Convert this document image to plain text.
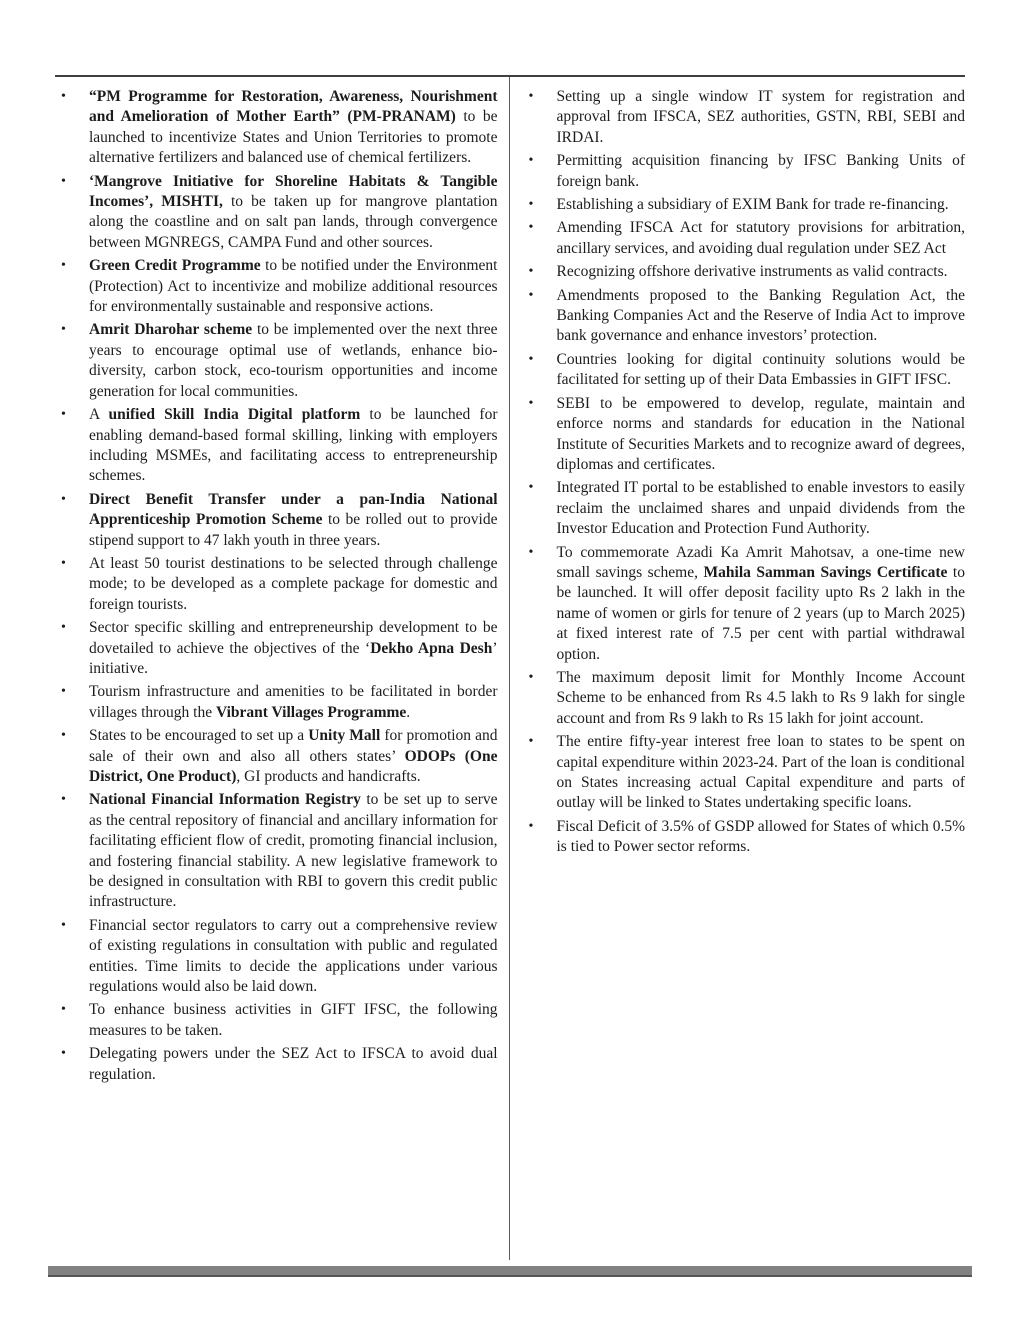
• “PM Programme for Restoration, Awareness, Nourishment and Amelioration of Mother Earth” (PM-PRANAM) to be launched to incentivize States and Union Territories to promote alternative fertilizers and balanced use of chemical fertilizers.
• ‘Mangrove Initiative for Shoreline Habitats & Tangible Incomes’, MISHTI, to be taken up for mangrove plantation along the coastline and on salt pan lands, through convergence between MGNREGS, CAMPA Fund and other sources.
• Green Credit Programme to be notified under the Environment (Protection) Act to incentivize and mobilize additional resources for environmentally sustainable and responsive actions.
• Amrit Dharohar scheme to be implemented over the next three years to encourage optimal use of wetlands, enhance bio-diversity, carbon stock, eco-tourism opportunities and income generation for local communities.
• A unified Skill India Digital platform to be launched for enabling demand-based formal skilling, linking with employers including MSMEs, and facilitating access to entrepreneurship schemes.
• Direct Benefit Transfer under a pan-India National Apprenticeship Promotion Scheme to be rolled out to provide stipend support to 47 lakh youth in three years.
• At least 50 tourist destinations to be selected through challenge mode; to be developed as a complete package for domestic and foreign tourists.
• Sector specific skilling and entrepreneurship development to be dovetailed to achieve the objectives of the ‘Dekho Apna Desh’ initiative.
• Tourism infrastructure and amenities to be facilitated in border villages through the Vibrant Villages Programme.
• States to be encouraged to set up a Unity Mall for promotion and sale of their own and also all others states’ ODOPs (One District, One Product), GI products and handicrafts.
• National Financial Information Registry to be set up to serve as the central repository of financial and ancillary information for facilitating efficient flow of credit, promoting financial inclusion, and fostering financial stability. A new legislative framework to be designed in consultation with RBI to govern this credit public infrastructure.
• Financial sector regulators to carry out a comprehensive review of existing regulations in consultation with public and regulated entities. Time limits to decide the applications under various regulations would also be laid down.
• To enhance business activities in GIFT IFSC, the following measures to be taken.
• Delegating powers under the SEZ Act to IFSCA to avoid dual regulation.
• Setting up a single window IT system for registration and approval from IFSCA, SEZ authorities, GSTN, RBI, SEBI and IRDAI.
• Permitting acquisition financing by IFSC Banking Units of foreign bank.
• Establishing a subsidiary of EXIM Bank for trade re-financing.
• Amending IFSCA Act for statutory provisions for arbitration, ancillary services, and avoiding dual regulation under SEZ Act
• Recognizing offshore derivative instruments as valid contracts.
• Amendments proposed to the Banking Regulation Act, the Banking Companies Act and the Reserve of India Act to improve bank governance and enhance investors’ protection.
• Countries looking for digital continuity solutions would be facilitated for setting up of their Data Embassies in GIFT IFSC.
• SEBI to be empowered to develop, regulate, maintain and enforce norms and standards for education in the National Institute of Securities Markets and to recognize award of degrees, diplomas and certificates.
• Integrated IT portal to be established to enable investors to easily reclaim the unclaimed shares and unpaid dividends from the Investor Education and Protection Fund Authority.
• To commemorate Azadi Ka Amrit Mahotsav, a one-time new small savings scheme, Mahila Samman Savings Certificate to be launched. It will offer deposit facility upto Rs 2 lakh in the name of women or girls for tenure of 2 years (up to March 2025) at fixed interest rate of 7.5 per cent with partial withdrawal option.
• The maximum deposit limit for Monthly Income Account Scheme to be enhanced from Rs 4.5 lakh to Rs 9 lakh for single account and from Rs 9 lakh to Rs 15 lakh for joint account.
• The entire fifty-year interest free loan to states to be spent on capital expenditure within 2023-24. Part of the loan is conditional on States increasing actual Capital expenditure and parts of outlay will be linked to States undertaking specific loans.
• Fiscal Deficit of 3.5% of GSDP allowed for States of which 0.5% is tied to Power sector reforms.
